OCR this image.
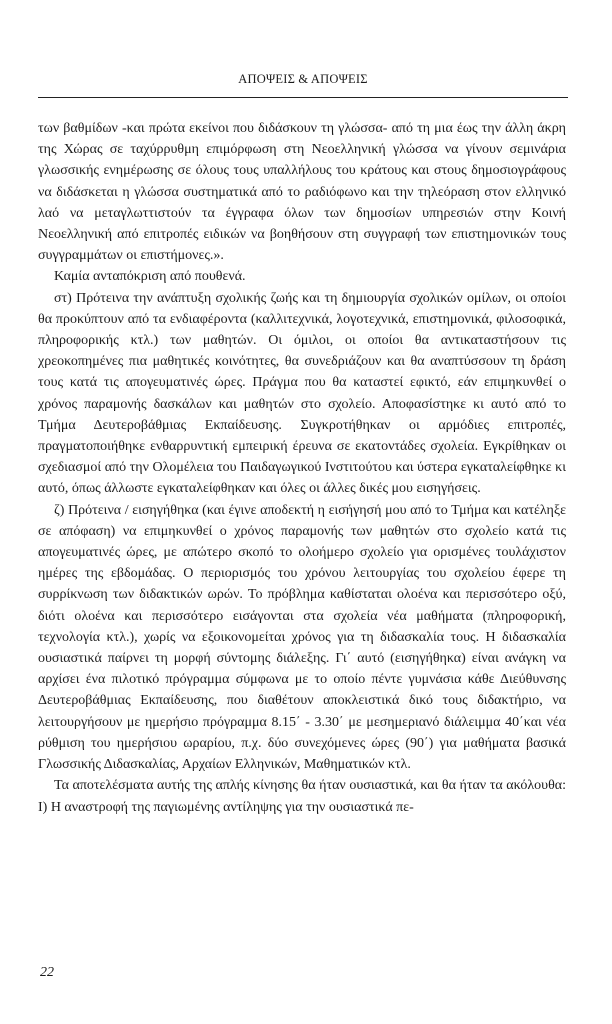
ΑΠΟΨΕΙΣ & ΑΠΟΨΕΙΣ

των βαθμίδων -και πρώτα εκείνοι που διδάσκουν τη γλώσσα- από τη μια έως την άλλη άκρη της Χώρας σε ταχύρρυθμη επιμόρφωση στη Νεοελληνική γλώσσα να γίνουν σεμινάρια γλωσσικής ενημέρωσης σε όλους τους υπαλλήλους του κράτους και στους δημοσιογράφους να διδάσκεται η γλώσσα συστηματικά από το ραδιόφωνο και την τηλεόραση στον ελληνικό λαό να μεταγλωττιστούν τα έγγραφα όλων των δημοσίων υπηρεσιών στην Κοινή Νεοελληνική από επιτροπές ειδικών να βοηθήσουν στη συγγραφή των επιστημονικών τους συγγραμμάτων οι επιστήμονες.».

Καμία ανταπόκριση από πουθενά.

στ) Πρότεινα την ανάπτυξη σχολικής ζωής και τη δημιουργία σχολικών ομίλων, οι οποίοι θα προκύπτουν από τα ενδιαφέροντα (καλλιτεχνικά, λογοτεχνικά, επιστημονικά, φιλοσοφικά, πληροφορικής κτλ.) των μαθητών. Οι όμιλοι, οι οποίοι θα αντικαταστήσουν τις χρεοκοπημένες πια μαθητικές κοινότητες, θα συνεδριάζουν και θα αναπτύσσουν τη δράση τους κατά τις απογευματινές ώρες. Πράγμα που θα καταστεί εφικτό, εάν επιμηκυνθεί ο χρόνος παραμονής δασκάλων και μαθητών στο σχολείο. Αποφασίστηκε κι αυτό από το Τμήμα Δευτεροβάθμιας Εκπαίδευσης. Συγκροτήθηκαν οι αρμόδιες επιτροπές, πραγματοποιήθηκε ενθαρρυντική εμπειρική έρευνα σε εκατοντάδες σχολεία. Εγκρίθηκαν οι σχεδιασμοί από την Ολομέλεια του Παιδαγωγικού Ινστιτούτου και ύστερα εγκαταλείφθηκε κι αυτό, όπως άλλωστε εγκαταλείφθηκαν και όλες οι άλλες δικές μου εισηγήσεις.

ζ) Πρότεινα / εισηγήθηκα (και έγινε αποδεκτή η εισήγησή μου από το Τμήμα και κατέληξε σε απόφαση) να επιμηκυνθεί ο χρόνος παραμονής των μαθητών στο σχολείο κατά τις απογευματινές ώρες, με απώτερο σκοπό το ολοήμερο σχολείο για ορισμένες τουλάχιστον ημέρες της εβδομάδας. Ο περιορισμός του χρόνου λειτουργίας του σχολείου έφερε τη συρρίκνωση των διδακτικών ωρών. Το πρόβλημα καθίσταται ολοένα και περισσότερο οξύ, διότι ολοένα και περισσότερο εισάγονται στα σχολεία νέα μαθήματα (πληροφορική, τεχνολογία κτλ.), χωρίς να εξοικονομείται χρόνος για τη διδασκαλία τους. Η διδασκαλία ουσιαστικά παίρνει τη μορφή σύντομης διάλεξης. Γι΄ αυτό (εισηγήθηκα) είναι ανάγκη να αρχίσει ένα πιλοτικό πρόγραμμα σύμφωνα με το οποίο πέντε γυμνάσια κάθε Διεύθυνσης Δευτεροβάθμιας Εκπαίδευσης, που διαθέτουν αποκλειστικά δικό τους διδακτήριο, να λειτουργήσουν με ημερήσιο πρόγραμμα 8.15΄ - 3.30΄ με μεσημεριανό διάλειμμα 40΄και νέα ρύθμιση του ημερήσιου ωραρίου, π.χ. δύο συνεχόμενες ώρες (90΄) για μαθήματα βασικά Γλωσσικής Διδασκαλίας, Αρχαίων Ελληνικών, Μαθηματικών κτλ.

Τα αποτελέσματα αυτής της απλής κίνησης θα ήταν ουσιαστικά, και θα ήταν τα ακόλουθα: Ι) Η αναστροφή της παγιωμένης αντίληψης για την ουσιαστικά πε-

22
